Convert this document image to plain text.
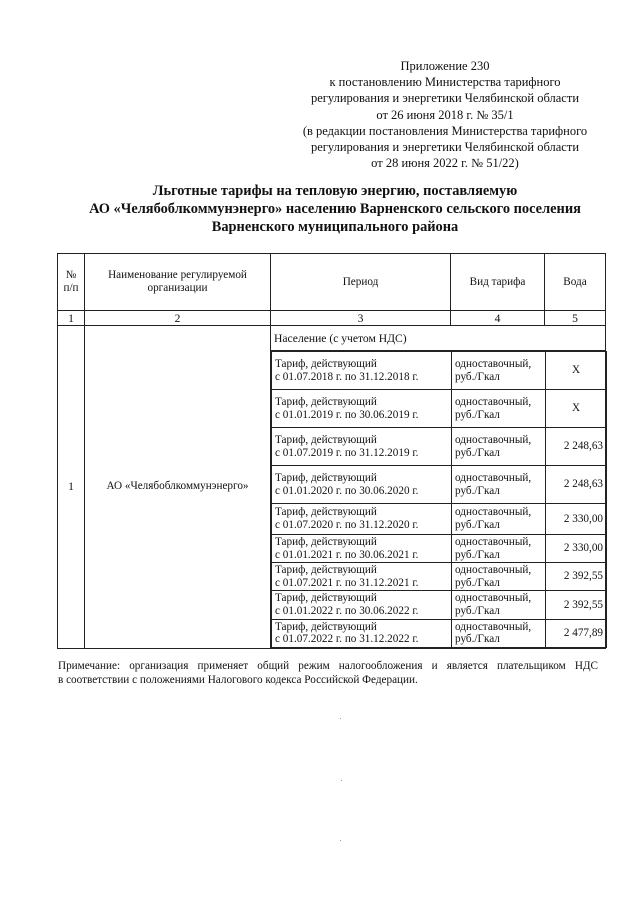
Приложение 230
к постановлению Министерства тарифного
регулирования и энергетики Челябинской области
от 26 июня 2018 г. № 35/1
(в редакции постановления Министерства тарифного
регулирования и энергетики Челябинской области
от 28 июня 2022 г. № 51/22)
Льготные тарифы на тепловую энергию, поставляемую
АО «Челябоблкоммунэнерго» населению Варненского сельского поселения
Варненского муниципального района
№ п/п	Наименование регулируемой организации	Период	Вид тарифа	Вода
1	2	3	4	5
1	АО «Челябоблкоммунэнерго»	Население (с учетом НДС)

Тариф, действующий
с 01.07.2018 г. по 31.12.2018 г.
	одноставочный, руб./Гкал	X

Тариф, действующий
с 01.01.2019 г. по 30.06.2019 г.
	одноставочный, руб./Гкал	X

Тариф, действующий
с 01.07.2019 г. по 31.12.2019 г.
	одноставочный, руб./Гкал	2 248,63

Тариф, действующий
с 01.01.2020 г. по 30.06.2020 г.
	одноставочный, руб./Гкал	2 248,63

Тариф, действующий
с 01.07.2020 г. по 31.12.2020 г.
	одноставочный, руб./Гкал	2 330,00

Тариф, действующий
с 01.01.2021 г. по 30.06.2021 г.
	одноставочный, руб./Гкал	2 330,00

Тариф, действующий
с 01.07.2021 г. по 31.12.2021 г.
	одноставочный, руб./Гкал	2 392,55

Тариф, действующий
с 01.01.2022 г. по 30.06.2022 г.
	одноставочный, руб./Гкал	2 392,55

Тариф, действующий
с 01.07.2022 г. по 31.12.2022 г.
	одноставочный, руб./Гкал	2 477,89
Примечание: организация применяет общий режим налогообложения и является плательщиком НДС
в соответствии с положениями Налогового кодекса Российской Федерации.
